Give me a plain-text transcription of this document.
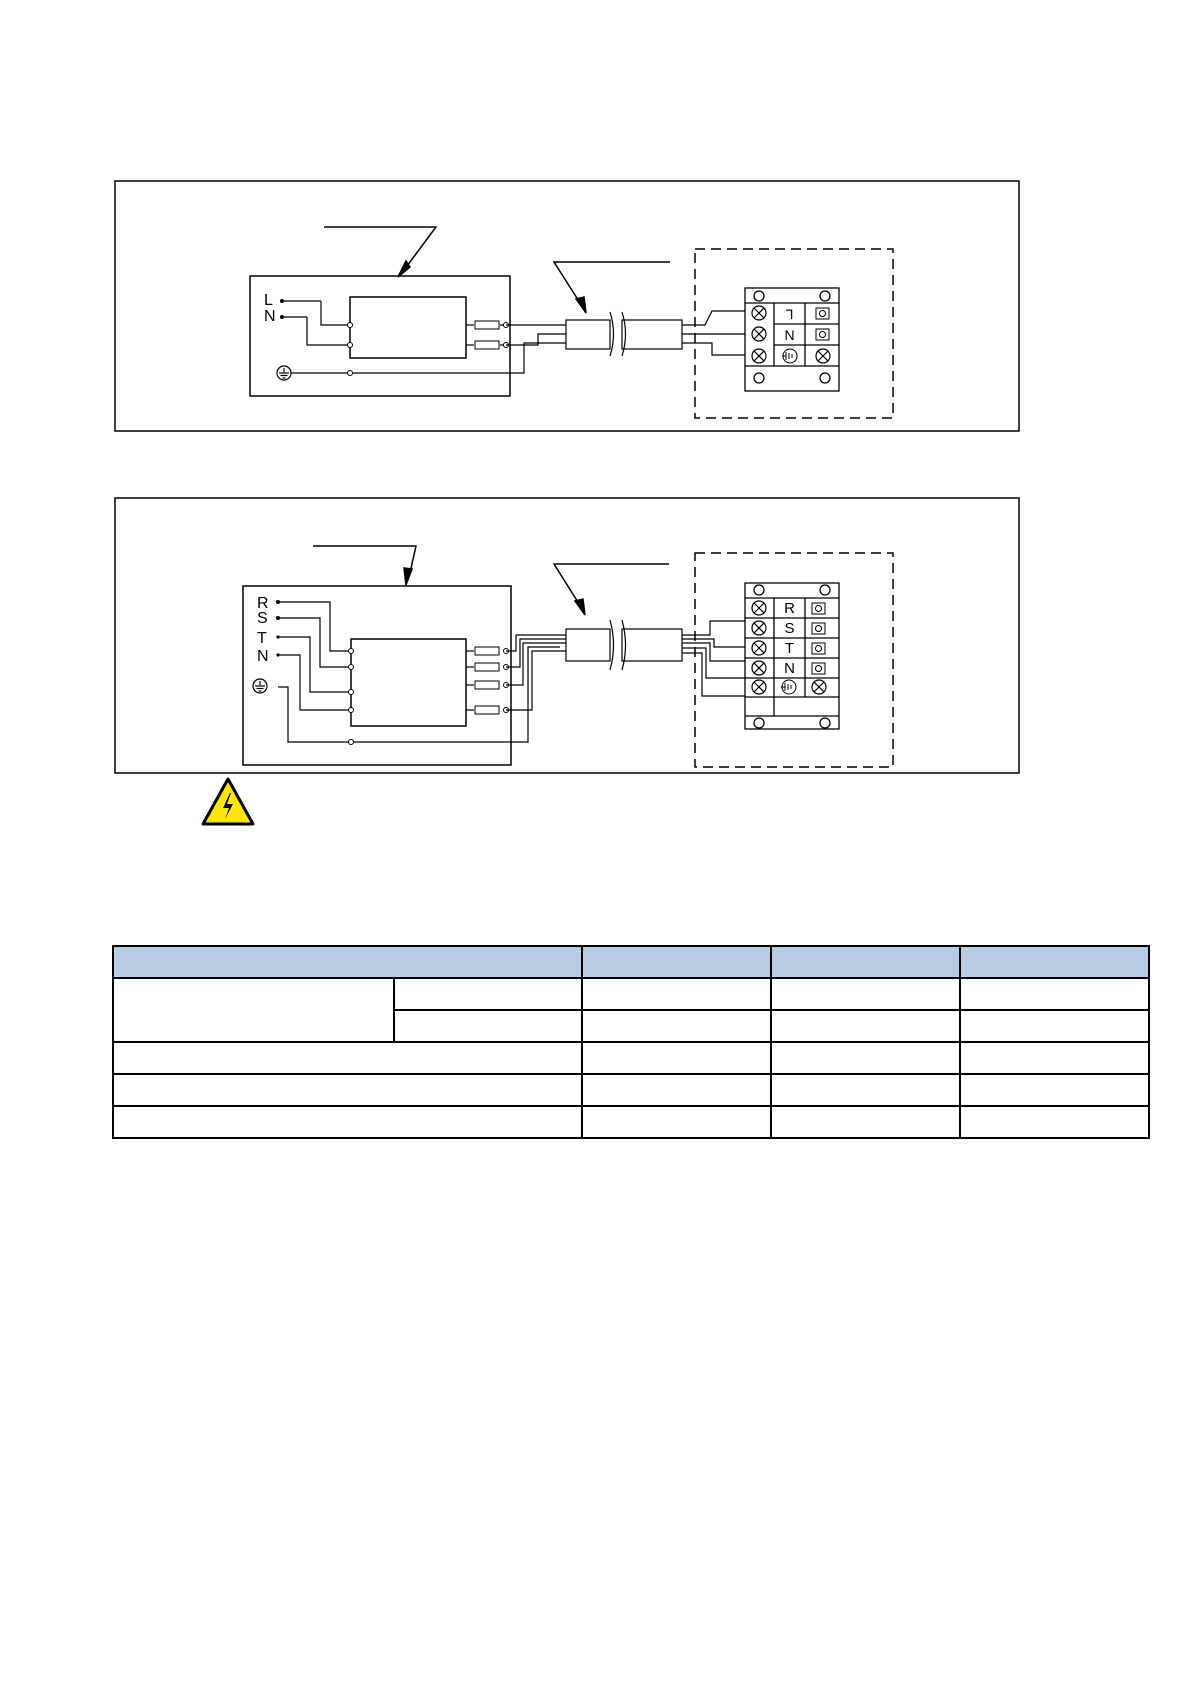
L
N	L
N
R
S
T
N
R
S
T
N
